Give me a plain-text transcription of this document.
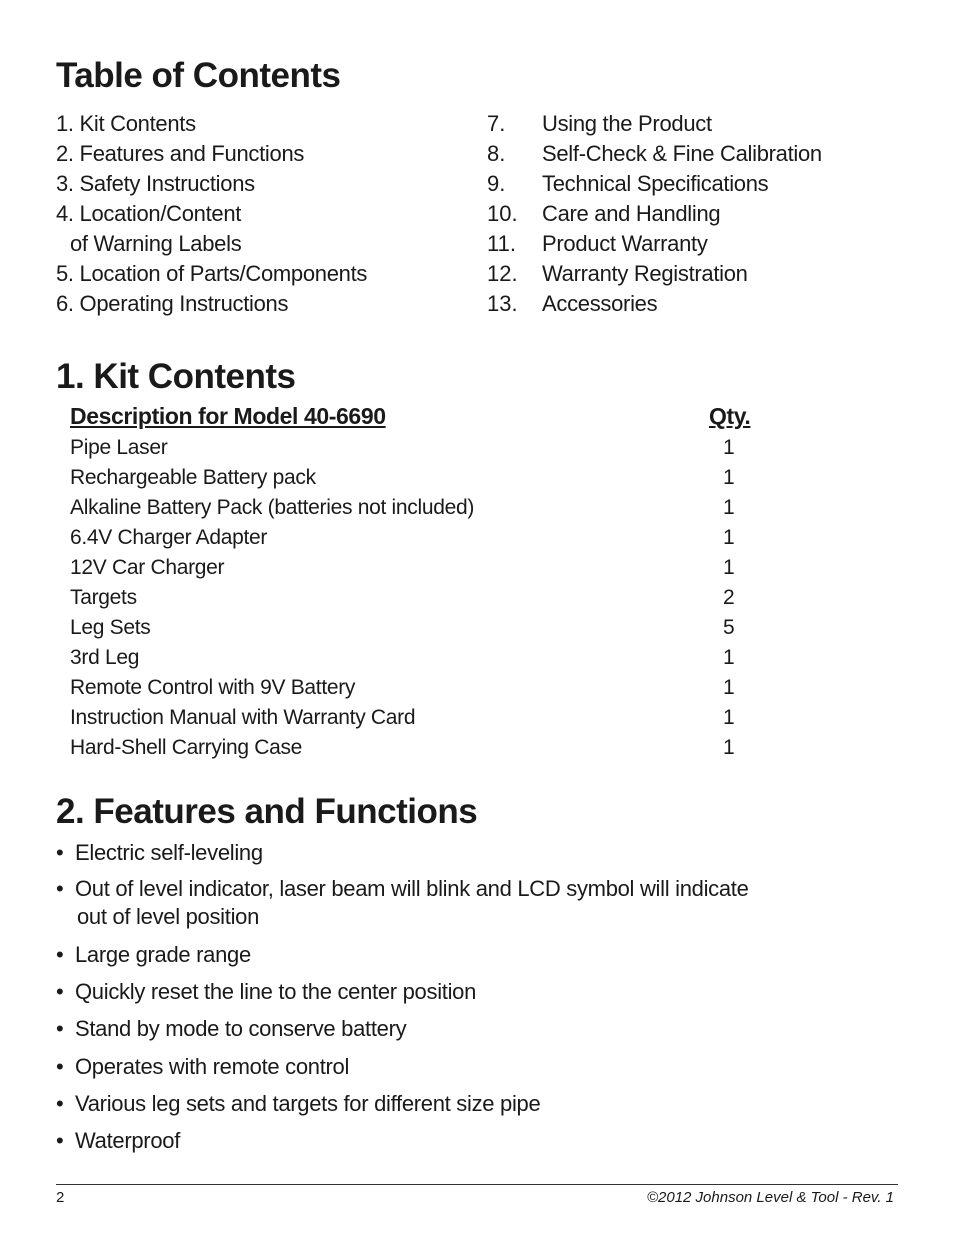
Table of Contents
1. Kit Contents
2. Features and Functions
3. Safety Instructions
4. Location/Content
of Warning Labels
5. Location of Parts/Components
6. Operating Instructions
7. Using the Product
8. Self-Check & Fine Calibration
9. Technical Specifications
10. Care and Handling
11. Product Warranty
12. Warranty Registration
13. Accessories
1. Kit Contents
Description for Model 40-6690	Qty.
Pipe Laser	1
Rechargeable Battery pack	1
Alkaline Battery Pack (batteries not included)	1
6.4V Charger Adapter	1
12V Car Charger	1
Targets	2
Leg Sets	5
3rd Leg	1
Remote Control with 9V Battery	1
Instruction Manual with Warranty Card	1
Hard-Shell Carrying Case	1
2. Features and Functions
• Electric self-leveling
• Out of level indicator, laser beam will blink and LCD symbol will indicate
out of level position
• Large grade range
• Quickly reset the line to the center position
• Stand by mode to conserve battery
• Operates with remote control
• Various leg sets and targets for different size pipe
• Waterproof
2	©2012 Johnson Level & Tool - Rev. 1
